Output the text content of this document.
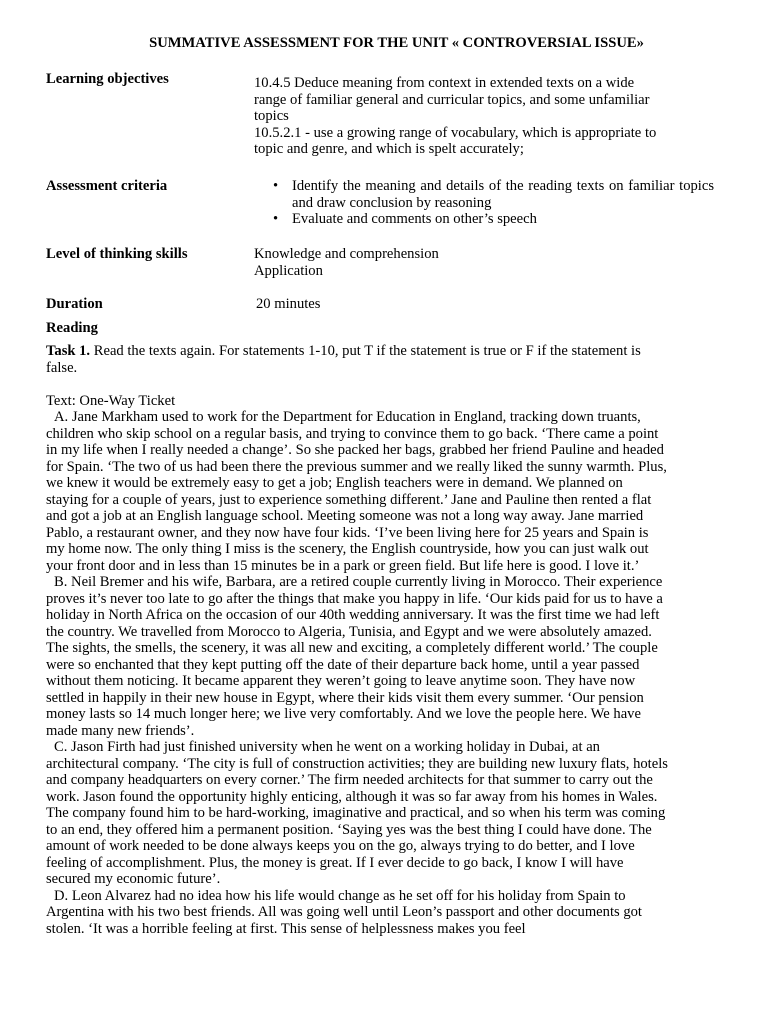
SUMMATIVE ASSESSMENT FOR THE UNIT « CONTROVERSIAL ISSUE»
Learning objectives	10.4.5 Deduce meaning from context in extended texts on a wide range of familiar general and curricular topics, and some unfamiliar topics

10.5.2.1 - use a growing range of vocabulary, which is appropriate to topic and genre, and which is spelt accurately;

Assessment criteria	• Identify the meaning and details of the reading texts on familiar topics and draw conclusion by reasoning
• Evaluate and comments on other’s speech
Level of thinking skills	Knowledge and comprehension

Application

Duration	20 minutes
Reading

Task 1. Read the texts again. For statements 1-10, put T if the statement is true or F if the statement is false.

Text: One-Way Ticket

A. Jane Markham used to work for the Department for Education in England, tracking down truants, children who skip school on a regular basis, and trying to convince them to go back. ‘There came a point in my life when I really needed a change’. So she packed her bags, grabbed her friend Pauline and headed for Spain. ‘The two of us had been there the previous summer and we really liked the sunny warmth. Plus, we knew it would be extremely easy to get a job; English teachers were in demand. We planned on staying for a couple of years, just to experience something different.’ Jane and Pauline then rented a flat and got a job at an English language school. Meeting someone was not a long way away. Jane married Pablo, a restaurant owner, and they now have four kids. ‘I’ve been living here for 25 years and Spain is my home now. The only thing I miss is the scenery, the English countryside, how you can just walk out your front door and in less than 15 minutes be in a park or green field. But life here is good. I love it.’

B. Neil Bremer and his wife, Barbara, are a retired couple currently living in Morocco. Their experience proves it’s never too late to go after the things that make you happy in life. ‘Our kids paid for us to have a holiday in North Africa on the occasion of our 40th wedding anniversary. It was the first time we had left the country. We travelled from Morocco to Algeria, Tunisia, and Egypt and we were absolutely amazed. The sights, the smells, the scenery, it was all new and exciting, a completely different world.’ The couple were so enchanted that they kept putting off the date of their departure back home, until a year passed without them noticing. It became apparent they weren’t going to leave anytime soon. They have now settled in happily in their new house in Egypt, where their kids visit them every summer. ‘Our pension money lasts so 14 much longer here; we live very comfortably. And we love the people here. We have made many new friends’.

C. Jason Firth had just finished university when he went on a working holiday in Dubai, at an architectural company. ‘The city is full of construction activities; they are building new luxury flats, hotels and company headquarters on every corner.’ The firm needed architects for that summer to carry out the work. Jason found the opportunity highly enticing, although it was so far away from his homes in Wales. The company found him to be hard-working, imaginative and practical, and so when his term was coming to an end, they offered him a permanent position. ‘Saying yes was the best thing I could have done. The amount of work needed to be done always keeps you on the go, always trying to do better, and I love feeling of accomplishment. Plus, the money is great. If I ever decide to go back, I know I will have secured my economic future’.

D. Leon Alvarez had no idea how his life would change as he set off for his holiday from Spain to Argentina with his two best friends. All was going well until Leon’s passport and other documents got stolen. ‘It was a horrible feeling at first. This sense of helplessness makes you feel
